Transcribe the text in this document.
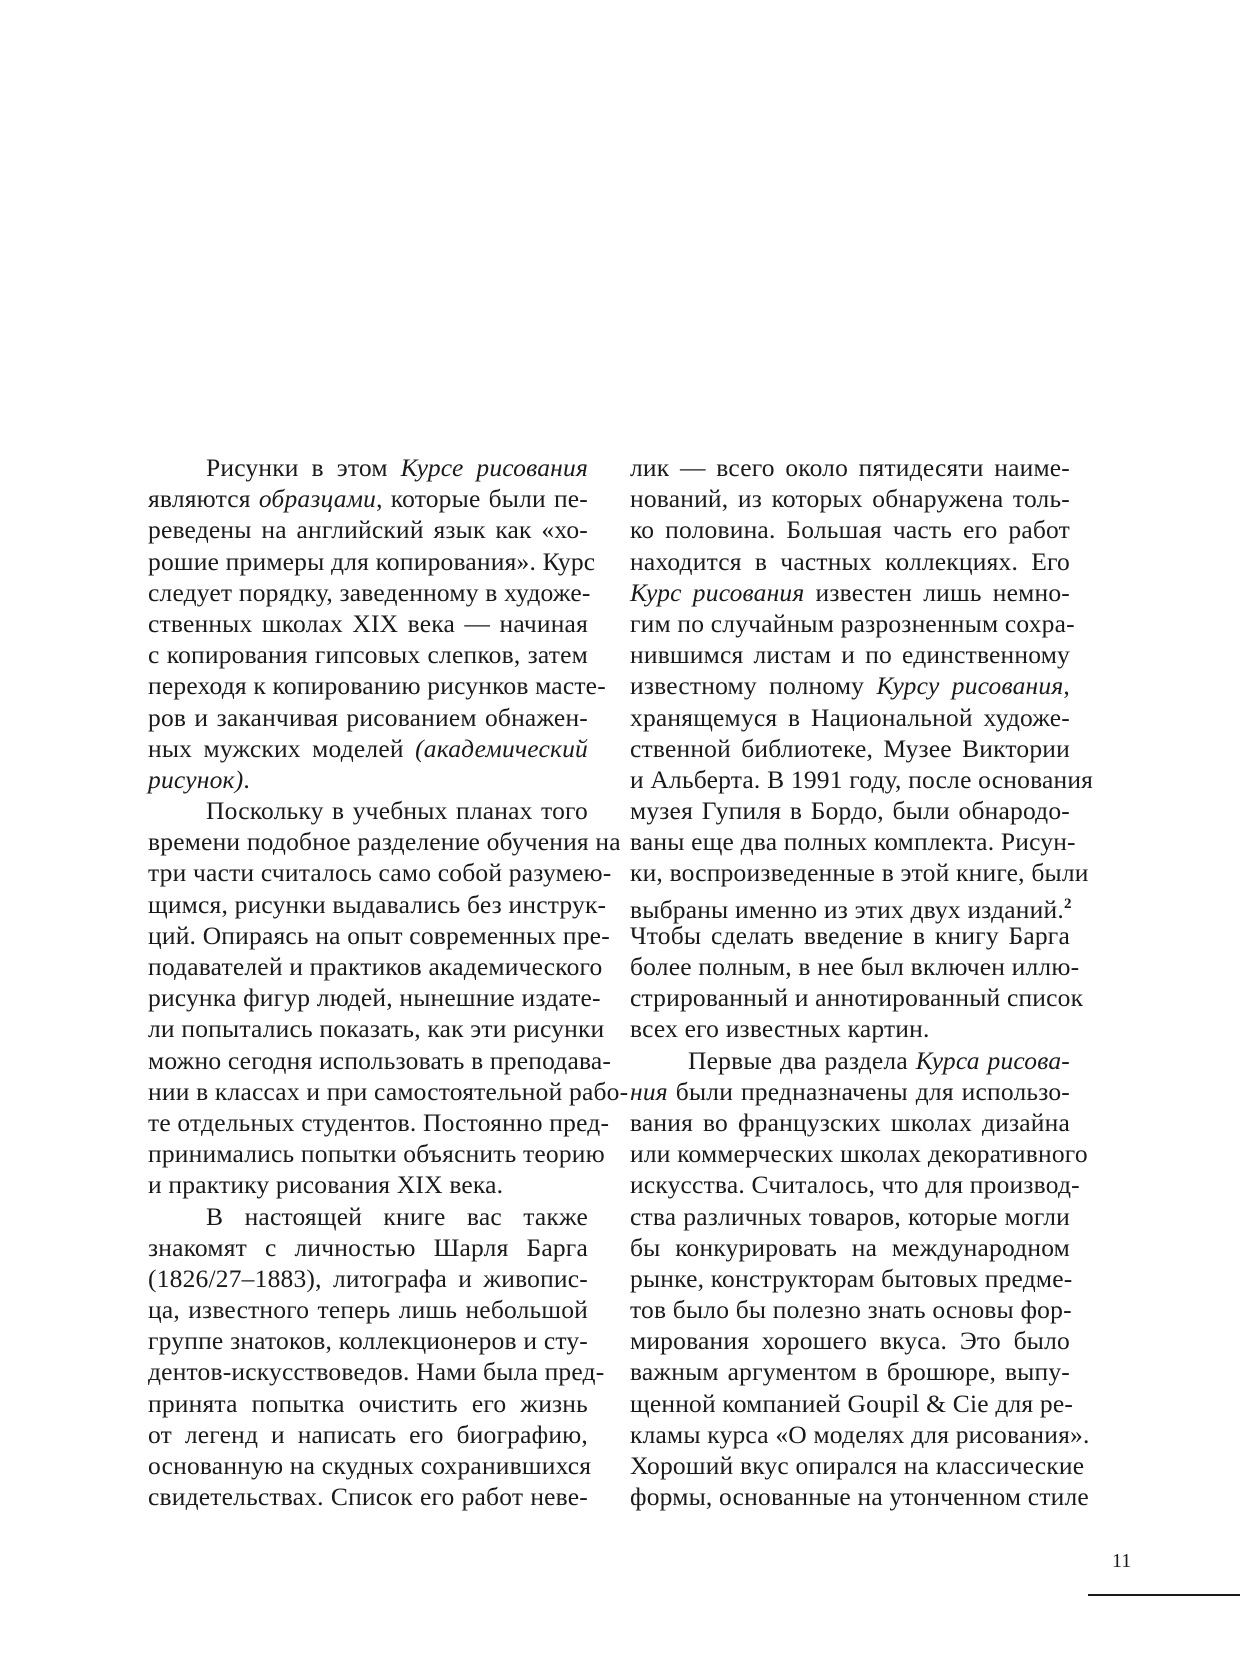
Рисунки в этом Курсе рисования
являются образцами, которые были пе-
реведены на английский язык как «хо-
рошие примеры для копирования». Курс
следует порядку, заведенному в художе-
ственных школах XIX века — начиная
с копирования гипсовых слепков, затем
переходя к копированию рисунков масте-
ров и заканчивая рисованием обнажен-
ных мужских моделей (академический
рисунок).
Поскольку в учебных планах того
времени подобное разделение обучения на
три части считалось само собой разумею-
щимся, рисунки выдавались без инструк-
ций. Опираясь на опыт современных пре-
подавателей и практиков академического
рисунка фигур людей, нынешние издате-
ли попытались показать, как эти рисунки
можно сегодня использовать в преподава-
нии в классах и при самостоятельной рабо-
те отдельных студентов. Постоянно пред-
принимались попытки объяснить теорию
и практику рисования XIX века.
В настоящей книге вас также
знакомят с личностью Шарля Барга
(1826/27–1883), литографа и живопис-
ца, известного теперь лишь небольшой
группе знатоков, коллекционеров и сту-
дентов-искусствоведов. Нами была пред-
принята попытка очистить его жизнь
от легенд и написать его биографию,
основанную на скудных сохранившихся
свидетельствах. Список его работ неве-
лик — всего около пятидесяти наиме-
нований, из которых обнаружена толь-
ко половина. Большая часть его работ
находится в частных коллекциях. Его
Курс рисования известен лишь немно-
гим по случайным разрозненным сохра-
нившимся листам и по единственному
известному полному Курсу рисования,
хранящемуся в Национальной художе-
ственной библиотеке, Музее Виктории
и Альберта. В 1991 году, после основания
музея Гупиля в Бордо, были обнародо-
ваны еще два полных комплекта. Рисун-
ки, воспроизведенные в этой книге, были
выбраны именно из этих двух изданий.$^2$
Чтобы сделать введение в книгу Барга
более полным, в нее был включен иллю-
стрированный и аннотированный список
всех его известных картин.
Первые два раздела Курса рисова-
ния были предназначены для использо-
вания во французских школах дизайна
или коммерческих школах декоративного
искусства. Считалось, что для производ-
ства различных товаров, которые могли
бы конкурировать на международном
рынке, конструкторам бытовых предме-
тов было бы полезно знать основы фор-
мирования хорошего вкуса. Это было
важным аргументом в брошюре, выпу-
щенной компанией Goupil & Cie для ре-
кламы курса «О моделях для рисования».
Хороший вкус опирался на классические
формы, основанные на утонченном стиле
11
